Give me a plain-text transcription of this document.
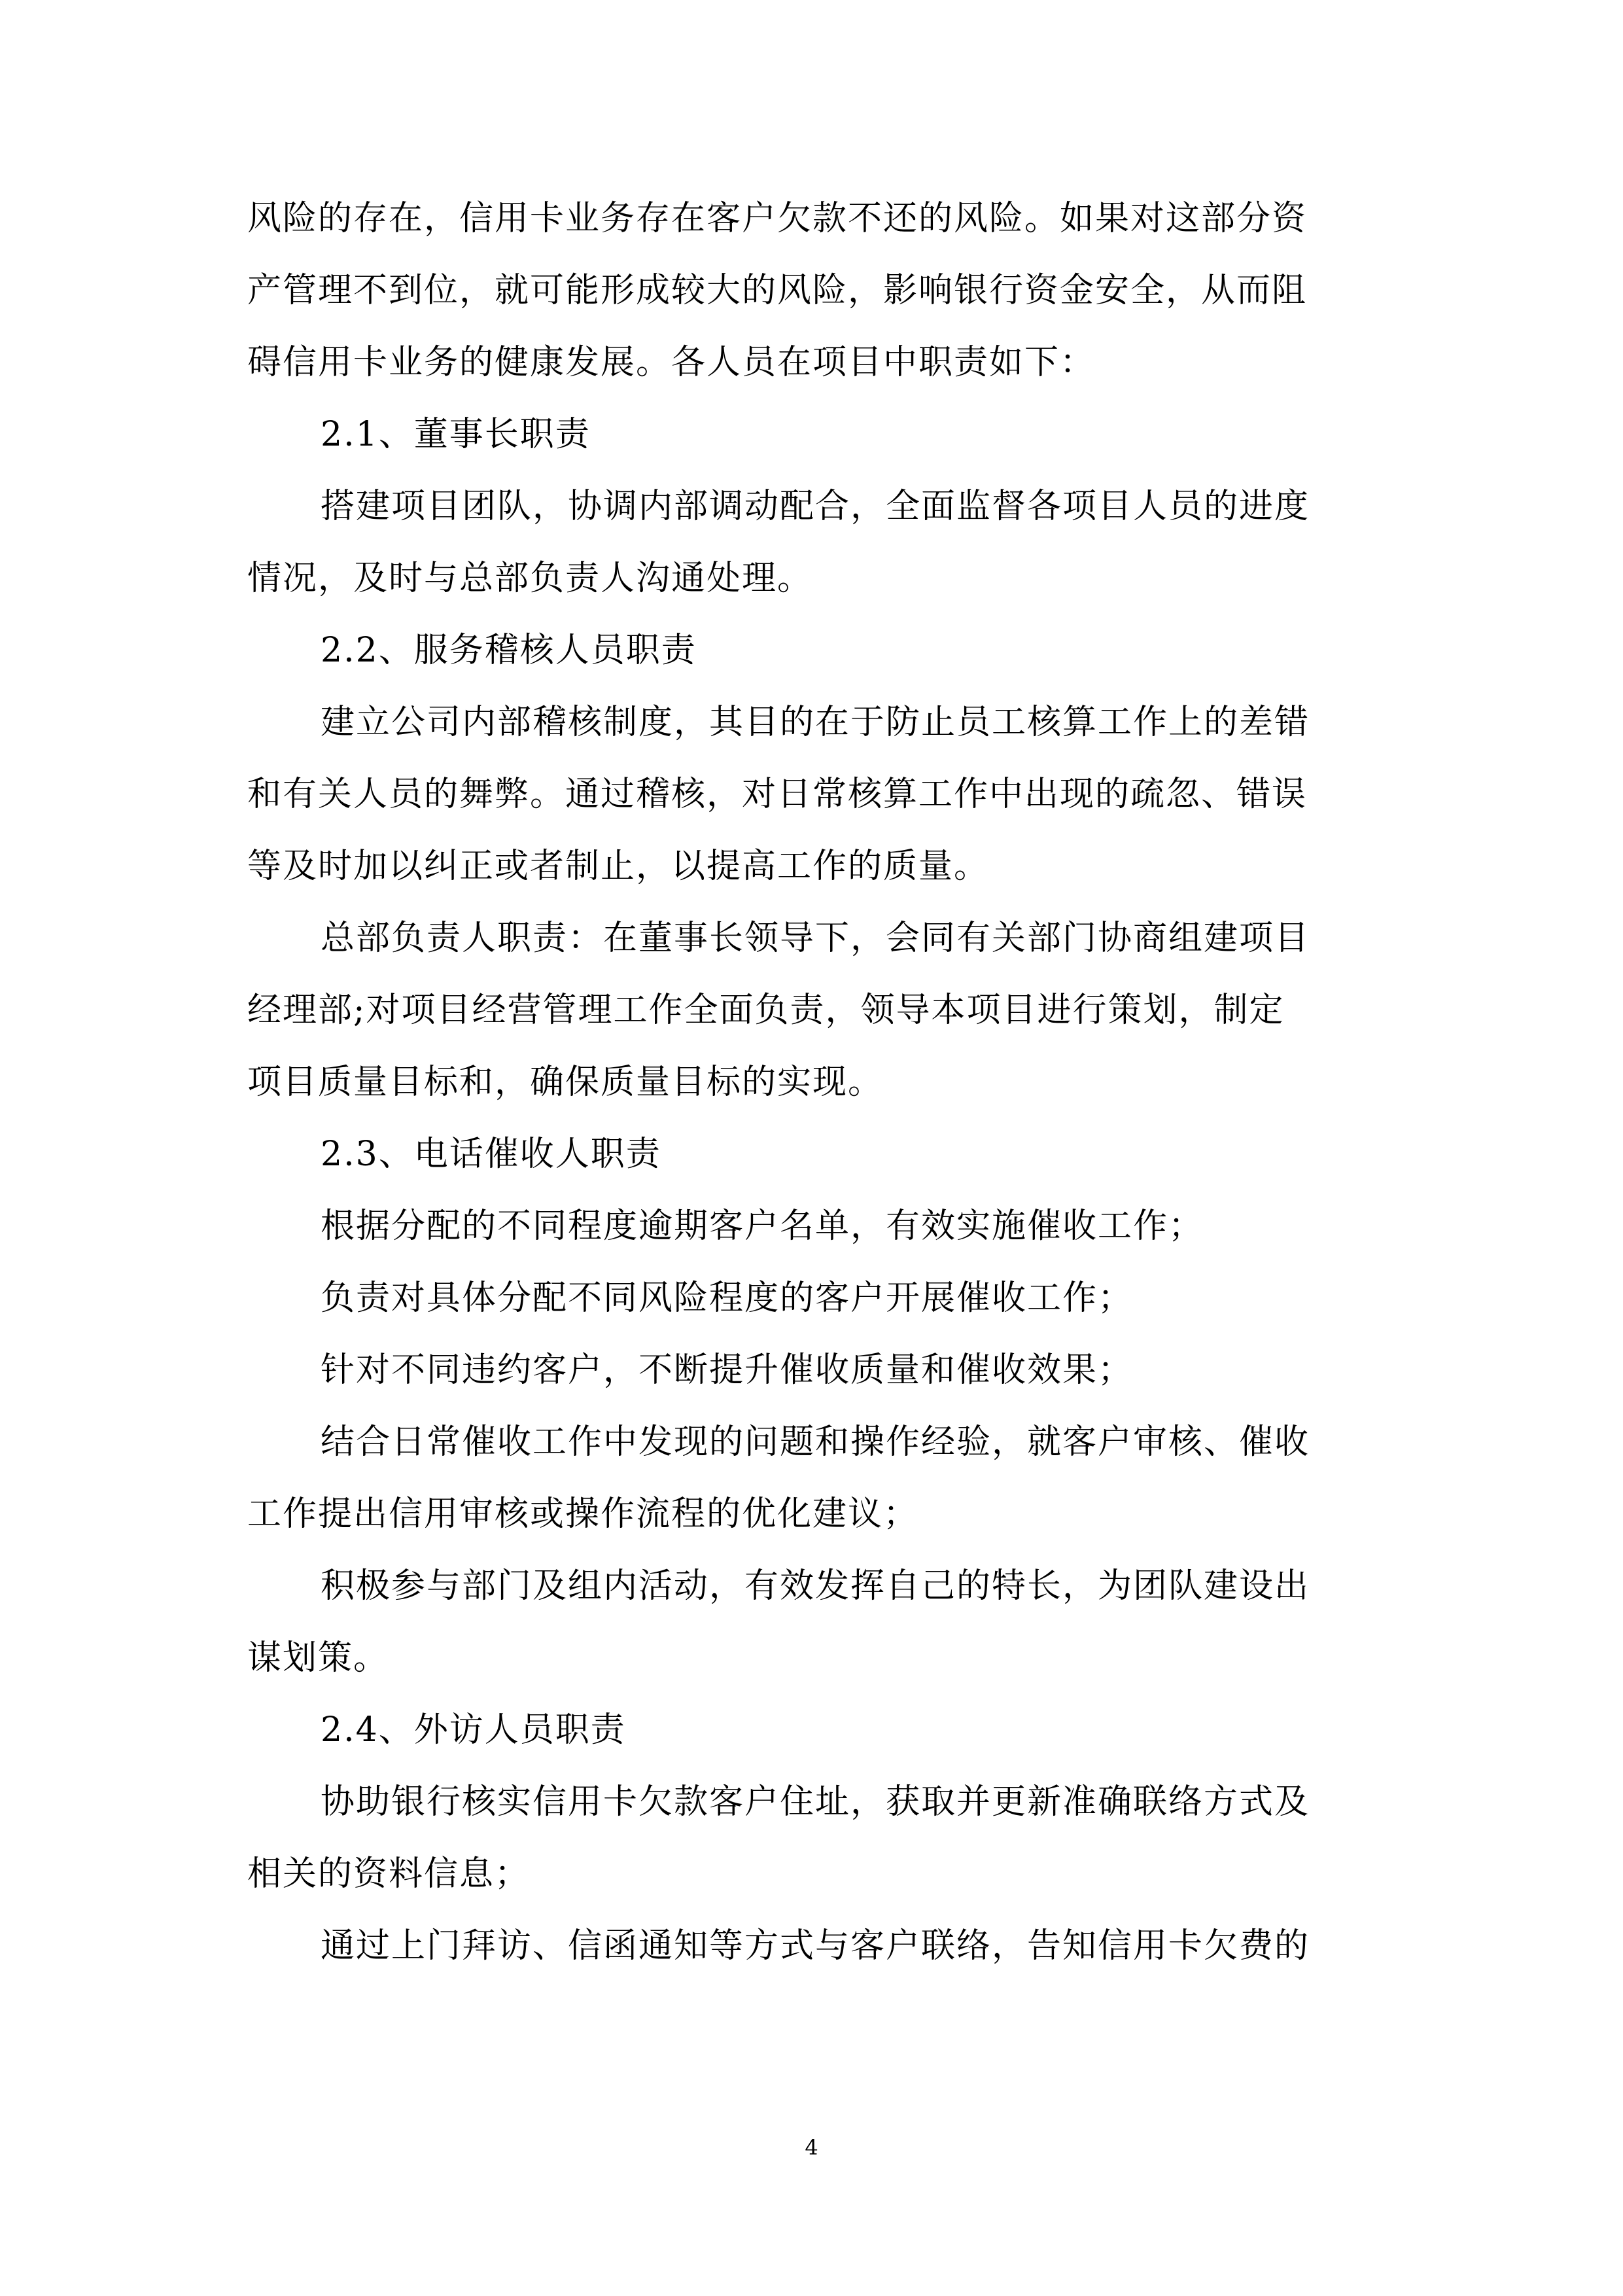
风险的存在，信用卡业务存在客户欠款不还的风险。如果对这部分资
产管理不到位，就可能形成较大的风险，影响银行资金安全，从而阻
碍信用卡业务的健康发展。各人员在项目中职责如下：
2.1、董事长职责
搭建项目团队，协调内部调动配合，全面监督各项目人员的进度
情况，及时与总部负责人沟通处理。
2.2、服务稽核人员职责
建立公司内部稽核制度，其目的在于防止员工核算工作上的差错
和有关人员的舞弊。通过稽核，对日常核算工作中出现的疏忽、错误
等及时加以纠正或者制止，以提高工作的质量。
总部负责人职责：在董事长领导下，会同有关部门协商组建项目
经理部;对项目经营管理工作全面负责，领导本项目进行策划，制定
项目质量目标和，确保质量目标的实现。
2.3、电话催收人职责
根据分配的不同程度逾期客户名单，有效实施催收工作；
负责对具体分配不同风险程度的客户开展催收工作；
针对不同违约客户，不断提升催收质量和催收效果；
结合日常催收工作中发现的问题和操作经验，就客户审核、催收
工作提出信用审核或操作流程的优化建议；
积极参与部门及组内活动，有效发挥自己的特长，为团队建设出
谋划策。
2.4、外访人员职责
协助银行核实信用卡欠款客户住址，获取并更新准确联络方式及
相关的资料信息；
通过上门拜访、信函通知等方式与客户联络，告知信用卡欠费的
4
